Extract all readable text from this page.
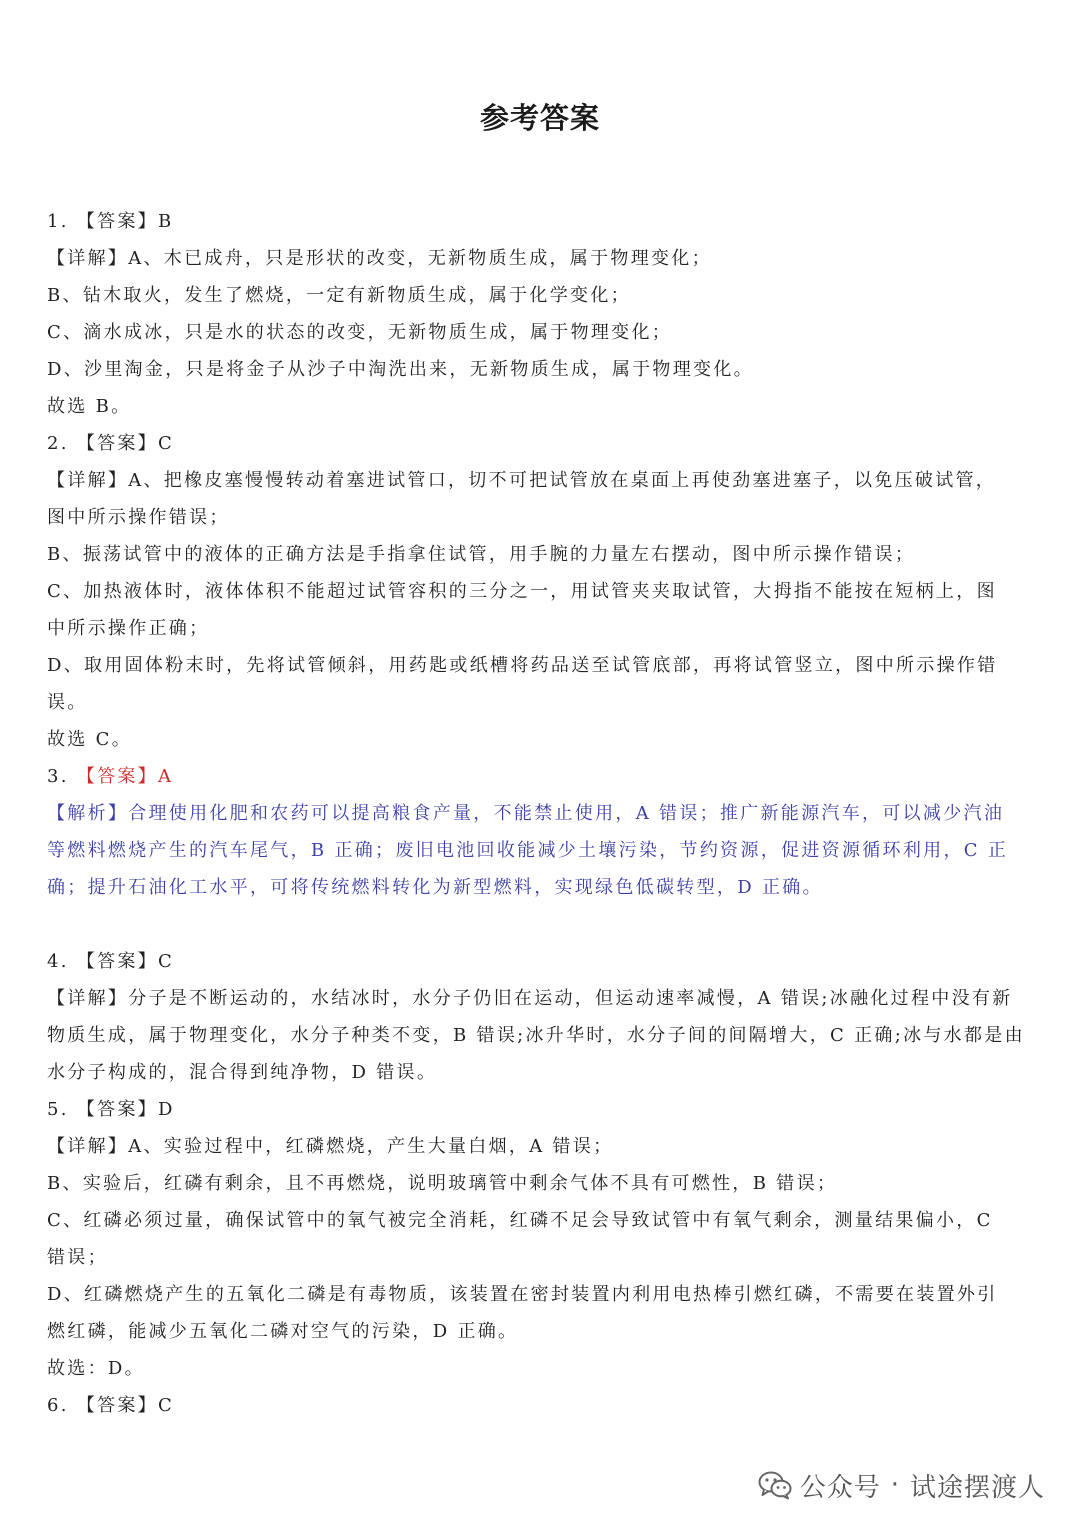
参考答案
1. 【答案】B
【详解】A、木已成舟，只是形状的改变，无新物质生成，属于物理变化；
B、钻木取火，发生了燃烧，一定有新物质生成，属于化学变化；
C、滴水成冰，只是水的状态的改变，无新物质生成，属于物理变化；
D、沙里淘金，只是将金子从沙子中淘洗出来，无新物质生成，属于物理变化。
故选 B。
2. 【答案】C
【详解】A、把橡皮塞慢慢转动着塞进试管口，切不可把试管放在桌面上再使劲塞进塞子，以免压破试管，
图中所示操作错误；
B、振荡试管中的液体的正确方法是手指拿住试管，用手腕的力量左右摆动，图中所示操作错误；
C、加热液体时，液体体积不能超过试管容积的三分之一，用试管夹夹取试管，大拇指不能按在短柄上，图
中所示操作正确；
D、取用固体粉末时，先将试管倾斜，用药匙或纸槽将药品送至试管底部，再将试管竖立，图中所示操作错
误。
故选 C。
3. 【答案】A
【解析】合理使用化肥和农药可以提高粮食产量，不能禁止使用，A 错误；推广新能源汽车，可以减少汽油
等燃料燃烧产生的汽车尾气，B 正确；废旧电池回收能减少土壤污染，节约资源，促进资源循环利用，C 正
确；提升石油化工水平，可将传统燃料转化为新型燃料，实现绿色低碳转型，D 正确。
4. 【答案】C
【详解】分子是不断运动的，水结冰时，水分子仍旧在运动，但运动速率减慢，A 错误;冰融化过程中没有新
物质生成，属于物理变化，水分子种类不变，B 错误;冰升华时，水分子间的间隔增大，C 正确;冰与水都是由
水分子构成的，混合得到纯净物，D 错误。
5. 【答案】D
【详解】A、实验过程中，红磷燃烧，产生大量白烟，A 错误；
B、实验后，红磷有剩余，且不再燃烧，说明玻璃管中剩余气体不具有可燃性，B 错误；
C、红磷必须过量，确保试管中的氧气被完全消耗，红磷不足会导致试管中有氧气剩余，测量结果偏小，C
错误；
D、红磷燃烧产生的五氧化二磷是有毒物质，该装置在密封装置内利用电热棒引燃红磷，不需要在装置外引
燃红磷，能减少五氧化二磷对空气的污染，D 正确。
故选：D。
6. 【答案】C
公众号 · 试途摆渡人
